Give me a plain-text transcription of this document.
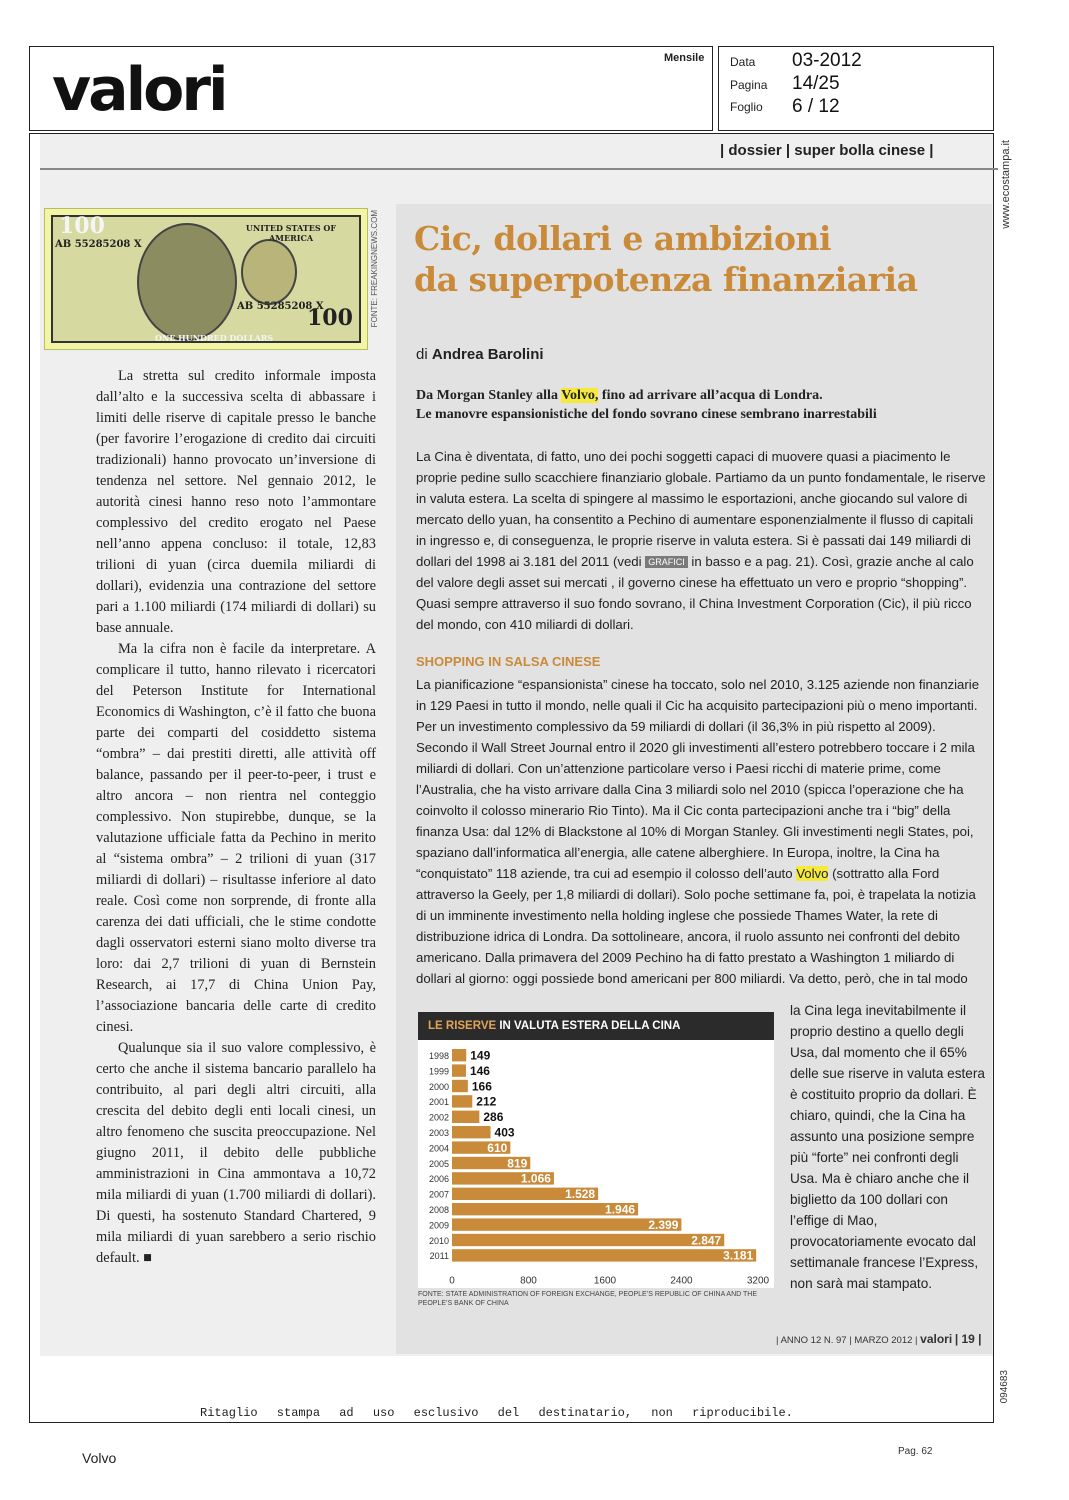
valori	Mensile Data 03-2012
Pagina 14/25
Foglio 6 / 12
| dossier | super bolla cinese |	www.ecostampa.it
094683
AB 55285208 X
AB 55285208 X
UNITED STATES OF AMERICA
100
100
ONE HUNDRED DOLLARS
FONTE: FREAKINGNEWS.COM

La stretta sul credito informale imposta dall’alto e la successiva scelta di abbassare i limiti delle riserve di capitale presso le banche (per favorire l’erogazione di credito dai circuiti tradizionali) hanno provocato un’inversione di tendenza nel settore. Nel gennaio 2012, le autorità cinesi hanno reso noto l’ammontare complessivo del credito erogato nel Paese nell’anno appena concluso: il totale, 12,83 trilioni di yuan (circa duemila miliardi di dollari), evidenzia una contrazione del settore pari a 1.100 miliardi (174 miliardi di dollari) su base annuale.

Ma la cifra non è facile da interpretare. A complicare il tutto, hanno rilevato i ricercatori del Peterson Institute for International Economics di Washington, c’è il fatto che buona parte dei comparti del cosiddetto sistema “ombra” – dai prestiti diretti, alle attività off balance, passando per il peer-to-peer, i trust e altro ancora – non rientra nel conteggio complessivo. Non stupirebbe, dunque, se la valutazione ufficiale fatta da Pechino in merito al “sistema ombra” – 2 trilioni di yuan (317 miliardi di dollari) – risultasse inferiore al dato reale. Così come non sorprende, di fronte alla carenza dei dati ufficiali, che le stime condotte dagli osservatori esterni siano molto diverse tra loro: dai 2,7 trilioni di yuan di Bernstein Research, ai 17,7 di China Union Pay, l’associazione bancaria delle carte di credito cinesi.

Qualunque sia il suo valore complessivo, è certo che anche il sistema bancario parallelo ha contribuito, al pari degli altri circuiti, alla crescita del debito degli enti locali cinesi, un altro fenomeno che suscita preoccupazione. Nel giugno 2011, il debito delle pubbliche amministrazioni in Cina ammontava a 10,72 mila miliardi di yuan (1.700 miliardi di dollari). Di questi, ha sostenuto Standard Chartered, 9 mila miliardi di yuan sarebbero a serio rischio default. ■

Cic, dollari e ambizioni
da superpotenza finanziaria
di Andrea Barolini
Da Morgan Stanley alla Volvo, fino ad arrivare all’acqua di Londra.
Le manovre espansionistiche del fondo sovrano cinese sembrano inarrestabili

La Cina è diventata, di fatto, uno dei pochi soggetti capaci di muovere quasi a piacimento le proprie pedine sullo scacchiere finanziario globale. Partiamo da un punto fondamentale, le riserve in valuta estera. La scelta di spingere al massimo le esportazioni, anche giocando sul valore di mercato dello yuan, ha consentito a Pechino di aumentare esponenzialmente il flusso di capitali in ingresso e, di conseguenza, le proprie riserve in valuta estera. Si è passati dai 149 miliardi di dollari del 1998 ai 3.181 del 2011 (vedi GRAFICI in basso e a pag. 21). Così, grazie anche al calo del valore degli asset sui mercati , il governo cinese ha effettuato un vero e proprio “shopping”. Quasi sempre attraverso il suo fondo sovrano, il China Investment Corporation (Cic), il più ricco del mondo, con 410 miliardi di dollari.

SHOPPING IN SALSA CINESE

La pianificazione “espansionista” cinese ha toccato, solo nel 2010, 3.125 aziende non finanziarie in 129 Paesi in tutto il mondo, nelle quali il Cic ha acquisito partecipazioni più o meno importanti. Per un investimento complessivo da 59 miliardi di dollari (il 36,3% in più rispetto al 2009). Secondo il Wall Street Journal entro il 2020 gli investimenti all’estero potrebbero toccare i 2 mila miliardi di dollari. Con un’attenzione particolare verso i Paesi ricchi di materie prime, come l’Australia, che ha visto arrivare dalla Cina 3 miliardi solo nel 2010 (spicca l’operazione che ha coinvolto il colosso minerario Rio Tinto). Ma il Cic conta partecipazioni anche tra i “big” della finanza Usa: dal 12% di Blackstone al 10% di Morgan Stanley. Gli investimenti negli States, poi, spaziano dall’informatica all’energia, alle catene alberghiere. In Europa, inoltre, la Cina ha “conquistato” 118 aziende, tra cui ad esempio il colosso dell’auto Volvo (sottratto alla Ford attraverso la Geely, per 1,8 miliardi di dollari). Solo poche settimane fa, poi, è trapelata la notizia di un imminente investimento nella holding inglese che possiede Thames Water, la rete di distribuzione idrica di Londra. Da sottolineare, ancora, il ruolo assunto nei confronti del debito americano. Dalla primavera del 2009 Pechino ha di fatto prestato a Washington 1 miliardo di dollari al giorno: oggi possiede bond americani per 800 miliardi. Va detto, però, che in tal modo

la Cina lega inevitabilmente il proprio destino a quello degli Usa, dal momento che il 65% delle sue riserve in valuta estera è costituito proprio da dollari. È chiaro, quindi, che la Cina ha assunto una posizione sempre più “forte” nei confronti degli Usa. Ma è chiaro anche che il biglietto da 100 dollari con l’effige di Mao, provocatoriamente evocato dal settimanale francese l’Express, non sarà mai stampato.

LE RISERVE IN VALUTA ESTERA DELLA CINA
1998 149
1999 146
2000 166
2001 212
2002	286
2003	403
2004	610
2005	819
2006	1.066
2007	1.528
2008	1.946
2009	2.399
2010	2.847
2011	3.181
0	800	1600	2400	3200
FONTE: STATE ADMINISTRATION OF FOREIGN EXCHANGE, PEOPLE’S REPUBLIC OF CHINA AND THE PEOPLE’S BANK OF CHINA
| ANNO 12 N. 97 | MARZO 2012 | valori | 19 |
Ritaglio stampa ad uso esclusivo del destinatario, non riproducibile.
Volvo	Pag. 62
